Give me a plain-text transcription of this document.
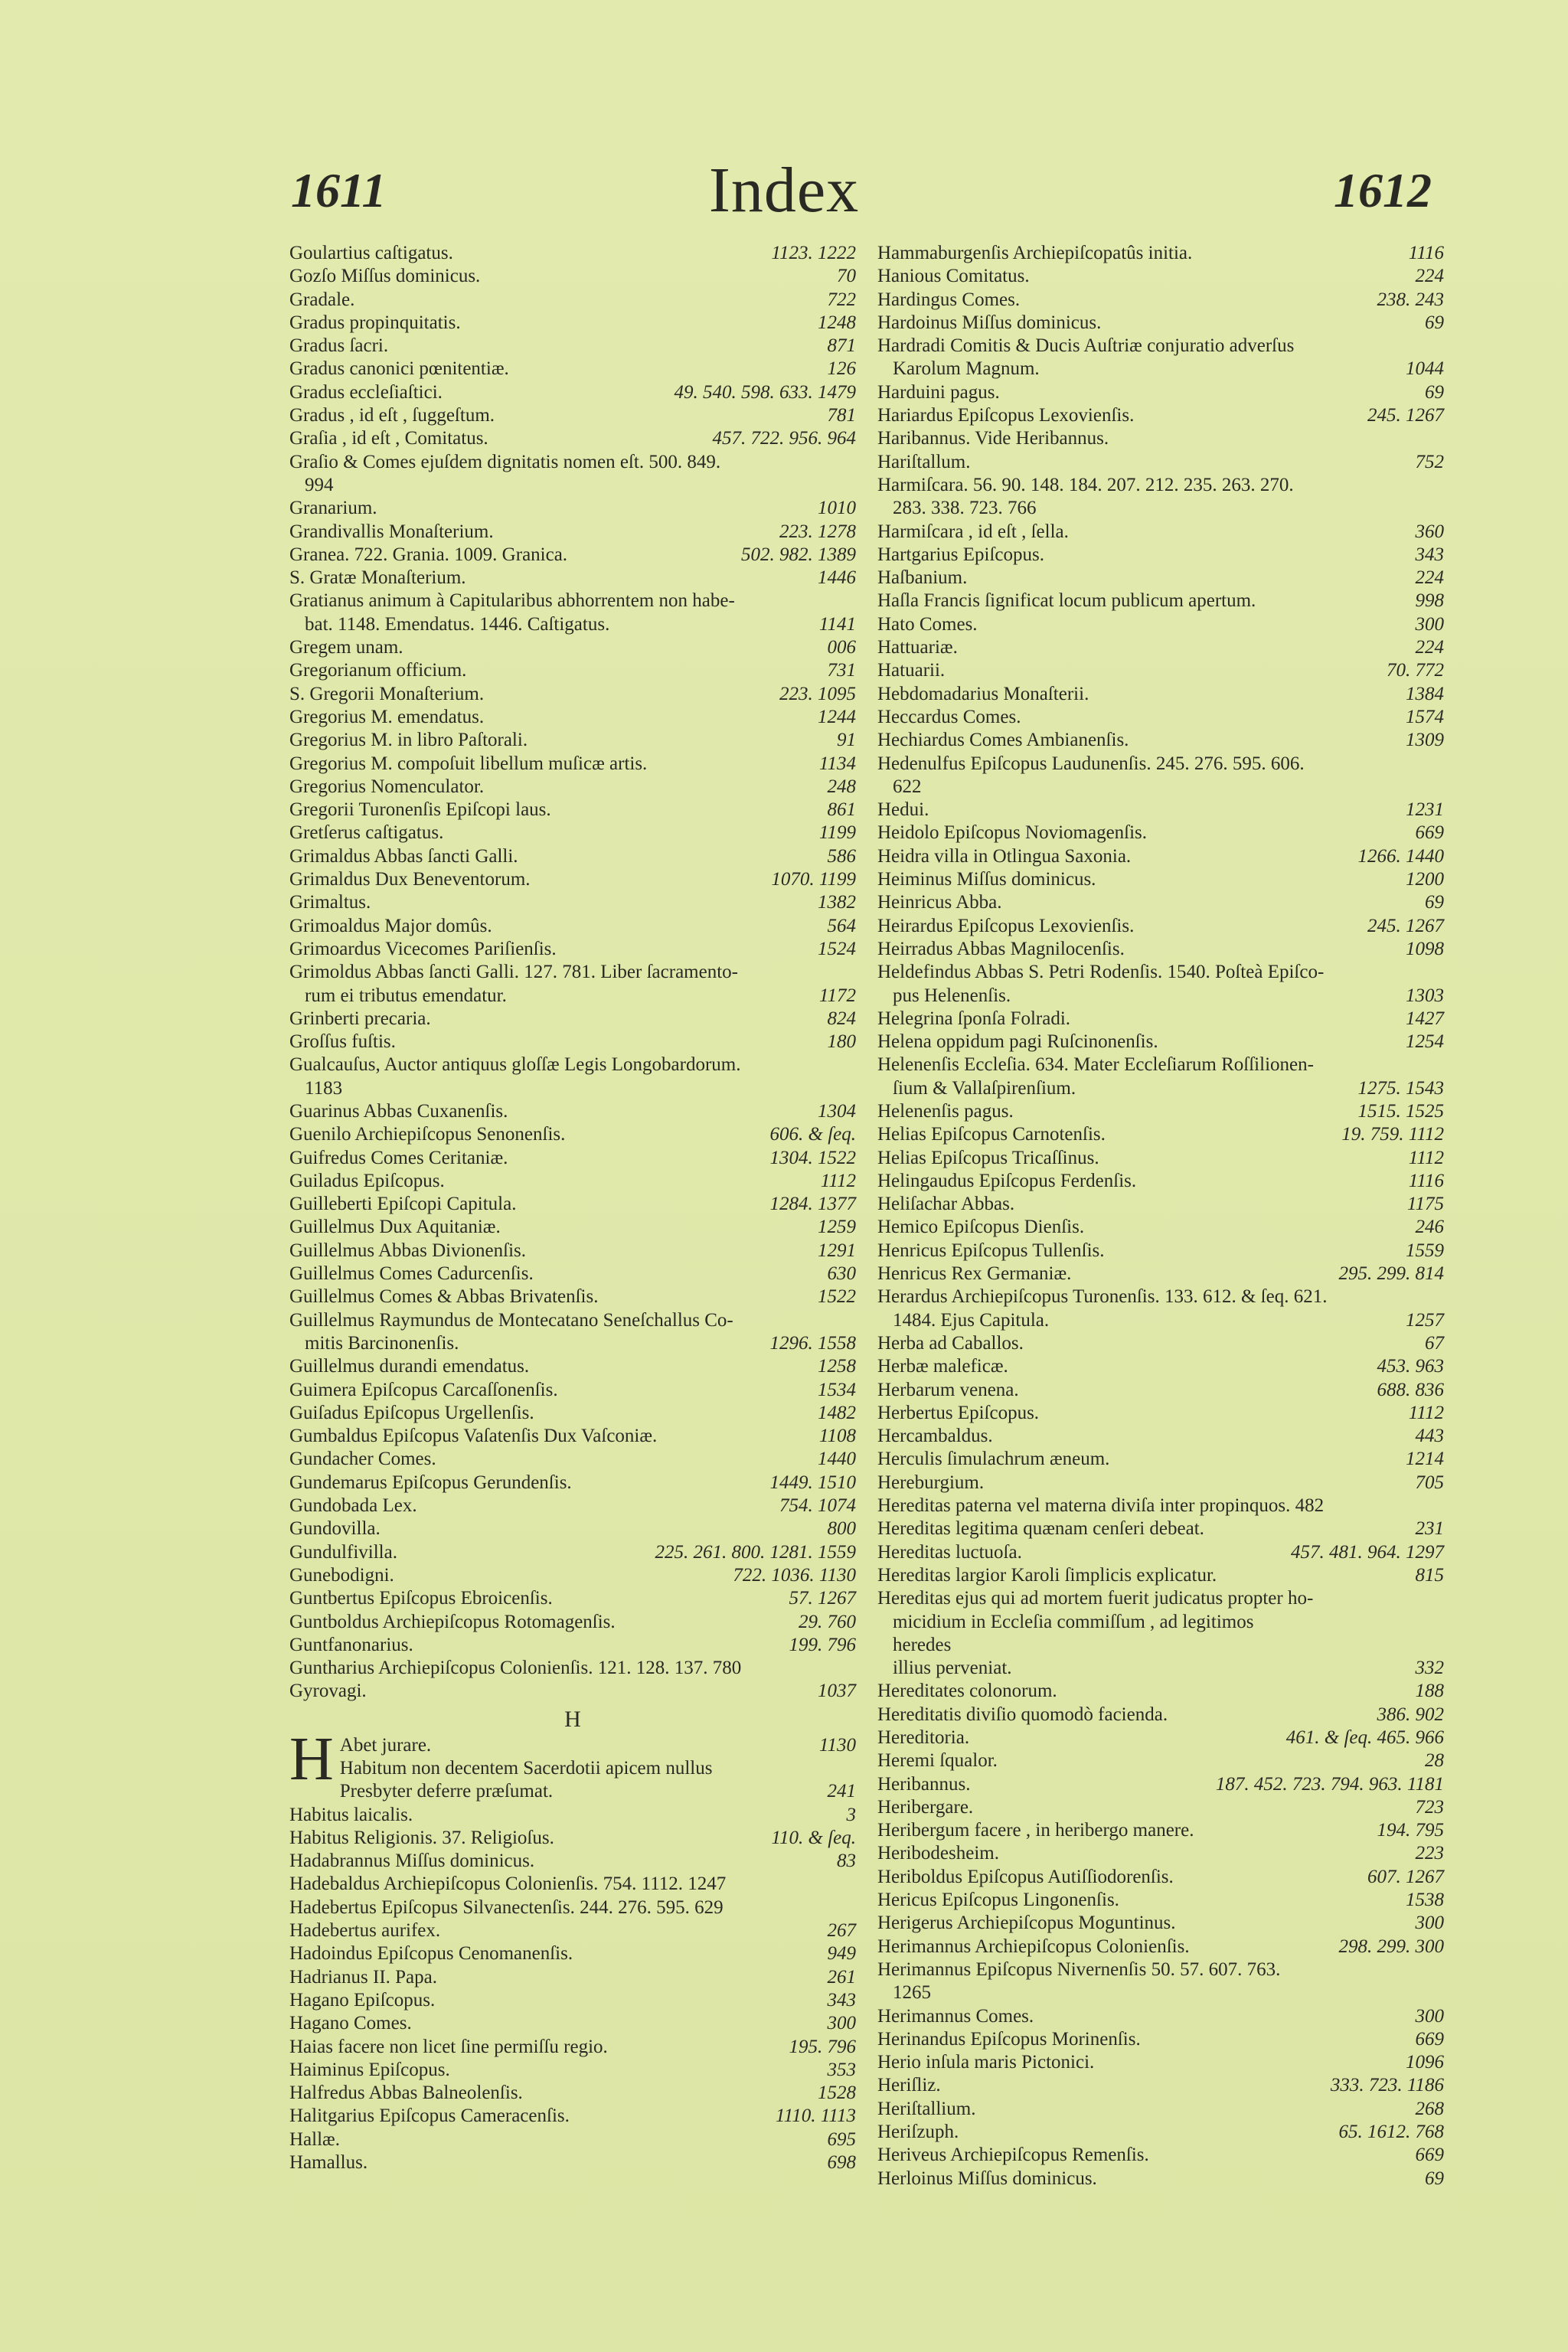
1611	Index	1612
Goulartius caſtigatus.	1123. 1222
Gozſo Miſſus dominicus.	70
Gradale.	722
Gradus propinquitatis.	1248
Gradus ſacri.	871
Gradus canonici pœnitentiæ.	126
Gradus eccleſiaſtici.	49. 540. 598. 633. 1479
Gradus , id eſt , ſuggeſtum.	781
Graſia , id eſt , Comitatus.	457. 722. 956. 964
Graſio & Comes ejuſdem dignitatis nomen eſt. 500. 849.
994
Granarium.	1010
Grandivallis Monaſterium.	223. 1278
Granea. 722. Grania. 1009. Granica.	502. 982. 1389
S. Gratæ Monaſterium.	1446
Gratianus animum à Capitularibus abhorrentem non habe-
bat. 1148. Emendatus. 1446. Caſtigatus.	1141
Gregem unam.	006
Gregorianum officium.	731
S. Gregorii Monaſterium.	223. 1095
Gregorius M. emendatus.	1244
Gregorius M. in libro Paſtorali.	91
Gregorius M. compoſuit libellum muſicæ artis.	1134
Gregorius Nomenculator.	248
Gregorii Turonenſis Epiſcopi laus.	861
Gretſerus caſtigatus.	1199
Grimaldus Abbas ſancti Galli.	586
Grimaldus Dux Beneventorum.	1070. 1199
Grimaltus.	1382
Grimoaldus Major domûs.	564
Grimoardus Vicecomes Pariſienſis.	1524
Grimoldus Abbas ſancti Galli. 127. 781. Liber ſacramento-
rum ei tributus emendatur.	1172
Grinberti precaria.	824
Groſſus fuſtis.	180
Gualcauſus, Auctor antiquus gloſſæ Legis Longobardorum.
1183
Guarinus Abbas Cuxanenſis.	1304
Guenilo Archiepiſcopus Senonenſis.	606. & ſeq.
Guifredus Comes Ceritaniæ.	1304. 1522
Guiladus Epiſcopus.	1112
Guilleberti Epiſcopi Capitula.	1284. 1377
Guillelmus Dux Aquitaniæ.	1259
Guillelmus Abbas Divionenſis.	1291
Guillelmus Comes Cadurcenſis.	630
Guillelmus Comes & Abbas Brivatenſis.	1522
Guillelmus Raymundus de Montecatano Seneſchallus Co-
mitis Barcinonenſis.	1296. 1558
Guillelmus durandi emendatus.	1258
Guimera Epiſcopus Carcaſſonenſis.	1534
Guiſadus Epiſcopus Urgellenſis.	1482
Gumbaldus Epiſcopus Vaſatenſis Dux Vaſconiæ.	1108
Gundacher Comes.	1440
Gundemarus Epiſcopus Gerundenſis.	1449. 1510
Gundobada Lex.	754. 1074
Gundovilla.	800
Gundulfivilla.	225. 261. 800. 1281. 1559
Gunebodigni.	722. 1036. 1130
Guntbertus Epiſcopus Ebroicenſis.	57. 1267
Guntboldus Archiepiſcopus Rotomagenſis.	29. 760
Guntfanonarius.	199. 796
Guntharius Archiepiſcopus Colonienſis. 121. 128. 137. 780
Gyrovagi.	1037
H
H Abet jurare.	1130
Habitum non decentem Sacerdotii apicem nullus
Presbyter deferre præſumat.	241
Habitus laicalis.	3
Habitus Religionis. 37. Religioſus.	110. & ſeq.
Hadabrannus Miſſus dominicus.	83
Hadebaldus Archiepiſcopus Colonienſis. 754. 1112. 1247
Hadebertus Epiſcopus Silvanectenſis. 244. 276. 595. 629
Hadebertus aurifex.	267
Hadoindus Epiſcopus Cenomanenſis.	949
Hadrianus II. Papa.	261
Hagano Epiſcopus.	343
Hagano Comes.	300
Haias facere non licet ſine permiſſu regio.	195. 796
Haiminus Epiſcopus.	353
Halfredus Abbas Balneolenſis.	1528
Halitgarius Epiſcopus Cameracenſis.	1110. 1113
Hallæ.	695
Hamallus.	698
Hammaburgenſis Archiepiſcopatûs initia.	1116
Hanious Comitatus.	224
Hardingus Comes.	238. 243
Hardoinus Miſſus dominicus.	69
Hardradi Comitis & Ducis Auſtriæ conjuratio adverſus
Karolum Magnum.	1044
Harduini pagus.	69
Hariardus Epiſcopus Lexovienſis.	245. 1267
Haribannus. Vide Heribannus.
Hariſtallum.	752
Harmiſcara. 56. 90. 148. 184. 207. 212. 235. 263. 270.
283. 338. 723. 766
Harmiſcara , id eſt , ſella.	360
Hartgarius Epiſcopus.	343
Haſbanium.	224
Haſla Francis ſignificat locum publicum apertum.	998
Hato Comes.	300
Hattuariæ.	224
Hatuarii.	70. 772
Hebdomadarius Monaſterii.	1384
Heccardus Comes.	1574
Hechiardus Comes Ambianenſis.	1309
Hedenulfus Epiſcopus Laudunenſis. 245. 276. 595. 606.
622
Hedui.	1231
Heidolo Epiſcopus Noviomagenſis.	669
Heidra villa in Otlingua Saxonia.	1266. 1440
Heiminus Miſſus dominicus.	1200
Heinricus Abba.	69
Heirardus Epiſcopus Lexovienſis.	245. 1267
Heirradus Abbas Magnilocenſis.	1098
Heldefindus Abbas S. Petri Rodenſis. 1540. Poſteà Epiſco-
pus Helenenſis.	1303
Helegrina ſponſa Folradi.	1427
Helena oppidum pagi Ruſcinonenſis.	1254
Helenenſis Eccleſia. 634. Mater Eccleſiarum Roſſilionen-
ſium & Vallaſpirenſium.	1275. 1543
Helenenſis pagus.	1515. 1525
Helias Epiſcopus Carnotenſis.	19. 759. 1112
Helias Epiſcopus Tricaſſinus.	1112
Helingaudus Epiſcopus Ferdenſis.	1116
Heliſachar Abbas.	1175
Hemico Epiſcopus Dienſis.	246
Henricus Epiſcopus Tullenſis.	1559
Henricus Rex Germaniæ.	295. 299. 814
Herardus Archiepiſcopus Turonenſis. 133. 612. & ſeq. 621.
1484. Ejus Capitula.	1257
Herba ad Caballos.	67
Herbæ maleficæ.	453. 963
Herbarum venena.	688. 836
Herbertus Epiſcopus.	1112
Hercambaldus.	443
Herculis ſimulachrum æneum.	1214
Hereburgium.	705
Hereditas paterna vel materna diviſa inter propinquos. 482
Hereditas legitima quænam cenſeri debeat.	231
Hereditas luctuoſa.	457. 481. 964. 1297
Hereditas largior Karoli ſimplicis explicatur.	815
Hereditas ejus qui ad mortem fuerit judicatus propter ho-
micidium in Eccleſia commiſſum , ad legitimos heredes
illius perveniat.	332
Hereditates colonorum.	188
Hereditatis diviſio quomodò facienda.	386. 902
Hereditoria.	461. & ſeq. 465. 966
Heremi ſqualor.	28
Heribannus.	187. 452. 723. 794. 963. 1181
Heribergare.	723
Heribergum facere , in heribergo manere.	194. 795
Heribodesheim.	223
Heriboldus Epiſcopus Autiſſiodorenſis.	607. 1267
Hericus Epiſcopus Lingonenſis.	1538
Herigerus Archiepiſcopus Moguntinus.	300
Herimannus Archiepiſcopus Colonienſis.	298. 299. 300
Herimannus Epiſcopus Nivernenſis 50. 57. 607. 763.
1265
Herimannus Comes.	300
Herinandus Epiſcopus Morinenſis.	669
Herio inſula maris Pictonici.	1096
Heriſliz.	333. 723. 1186
Heriſtallium.	268
Heriſzuph.	65. 1612. 768
Heriveus Archiepiſcopus Remenſis.	669
Herloinus Miſſus dominicus.	69
